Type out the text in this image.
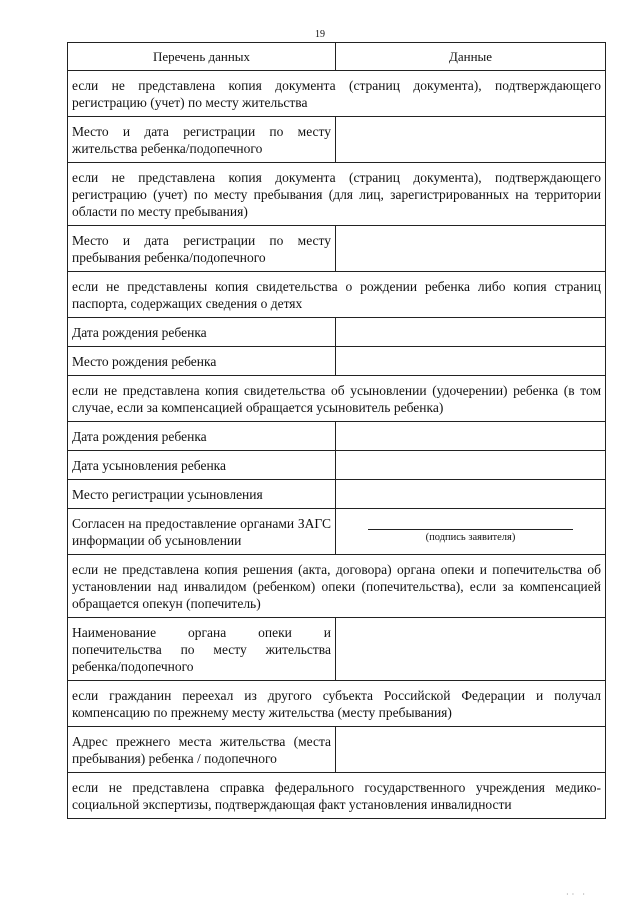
19
Перечень данных	Данные
если не представлена копия документа (страниц документа), подтверждающего регистрацию (учет) по месту жительства	
Место и дата регистрации по месту жительства ребенка/подопечного	
если не представлена копия документа (страниц документа), подтверждающего регистрацию (учет) по месту пребывания (для лиц, зарегистрированных на территории области по месту пребывания)	
Место и дата регистрации по месту пребывания ребенка/подопечного	
если не представлены копия свидетельства о рождении ребенка либо копия страниц паспорта, содержащих сведения о детях	
Дата рождения ребенка	
Место рождения ребенка	
если не представлена копия свидетельства об усыновлении (удочерении) ребенка (в том случае, если за компенсацией обращается усыновитель ребенка)	
Дата рождения ребенка	
Дата усыновления ребенка	
Место регистрации усыновления	
Согласен на предоставление органами ЗАГС информации об усыновлении	(подпись заявителя)

если не представлена копия решения (акта, договора) органа опеки и попечительства об установлении над инвалидом (ребенком) опеки (попечительства), если за компенсацией обращается опекун (попечитель)	
Наименование органа опеки и попечительства по месту жительства ребенка/подопечного	
если гражданин переехал из другого субъекта Российской Федерации и получал компенсацию по прежнему месту жительства (месту пребывания)	
Адрес прежнего места жительства (места пребывания) ребенка / подопечного	
если не представлена справка федерального государственного учреждения медико-социальной экспертизы, подтверждающая факт установления инвалидности	
·· ·
